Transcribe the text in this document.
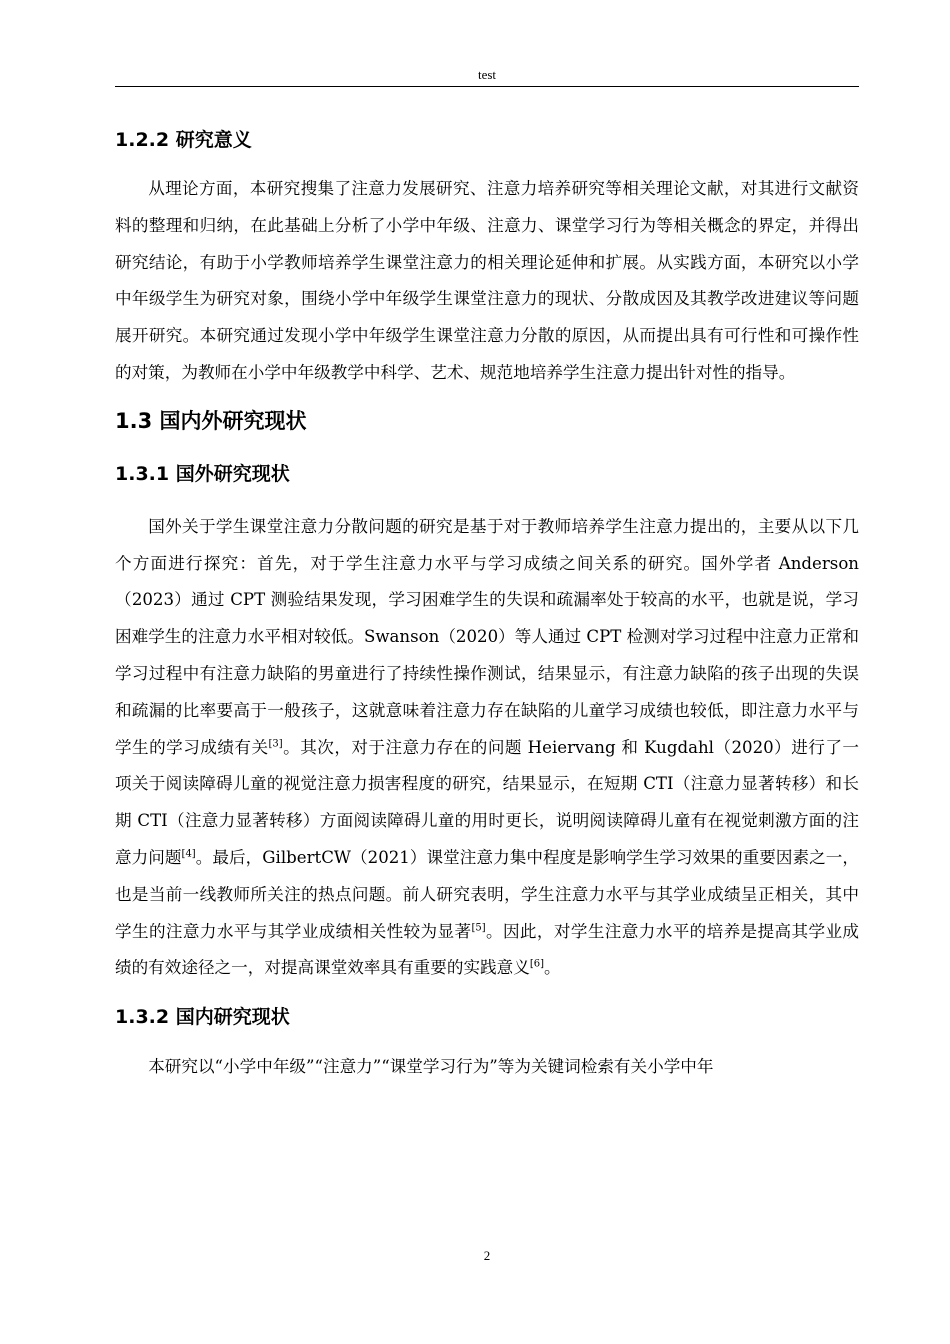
test
1.2.2 研究意义

从理论方面，本研究搜集了注意力发展研究、注意力培养研究等相关理论文献，对其进行文献资料的整理和归纳，在此基础上分析了小学中年级、注意力、课堂学习行为等相关概念的界定，并得出研究结论，有助于小学教师培养学生课堂注意力的相关理论延伸和扩展。从实践方面，本研究以小学中年级学生为研究对象，围绕小学中年级学生课堂注意力的现状、分散成因及其教学改进建议等问题展开研究。本研究通过发现小学中年级学生课堂注意力分散的原因，从而提出具有可行性和可操作性的对策，为教师在小学中年级教学中科学、艺术、规范地培养学生注意力提出针对性的指导。

1.3 国内外研究现状
1.3.1 国外研究现状

国外关于学生课堂注意力分散问题的研究是基于对于教师培养学生注意力提出的，主要从以下几个方面进行探究：首先，对于学生注意力水平与学习成绩之间关系的研究。国外学者 Anderson（2023）通过 CPT 测验结果发现，学习困难学生的失误和疏漏率处于较高的水平，也就是说，学习困难学生的注意力水平相对较低。Swanson（2020）等人通过 CPT 检测对学习过程中注意力正常和学习过程中有注意力缺陷的男童进行了持续性操作测试，结果显示，有注意力缺陷的孩子出现的失误和疏漏的比率要高于一般孩子，这就意味着注意力存在缺陷的儿童学习成绩也较低，即注意力水平与学生的学习成绩有关[3]。其次，对于注意力存在的问题 Heiervang 和 Kugdahl（2020）进行了一项关于阅读障碍儿童的视觉注意力损害程度的研究，结果显示，在短期 CTI（注意力显著转移）和长期 CTI（注意力显著转移）方面阅读障碍儿童的用时更长，说明阅读障碍儿童有在视觉刺激方面的注意力问题[4]。最后，GilbertCW（2021）课堂注意力集中程度是影响学生学习效果的重要因素之一，也是当前一线教师所关注的热点问题。前人研究表明，学生注意力水平与其学业成绩呈正相关，其中学生的注意力水平与其学业成绩相关性较为显著[5]。因此，对学生注意力水平的培养是提高其学业成绩的有效途径之一，对提高课堂效率具有重要的实践意义[6]。

1.3.2 国内研究现状

本研究以“小学中年级”“注意力”“课堂学习行为”等为关键词检索有关小学中年

2
